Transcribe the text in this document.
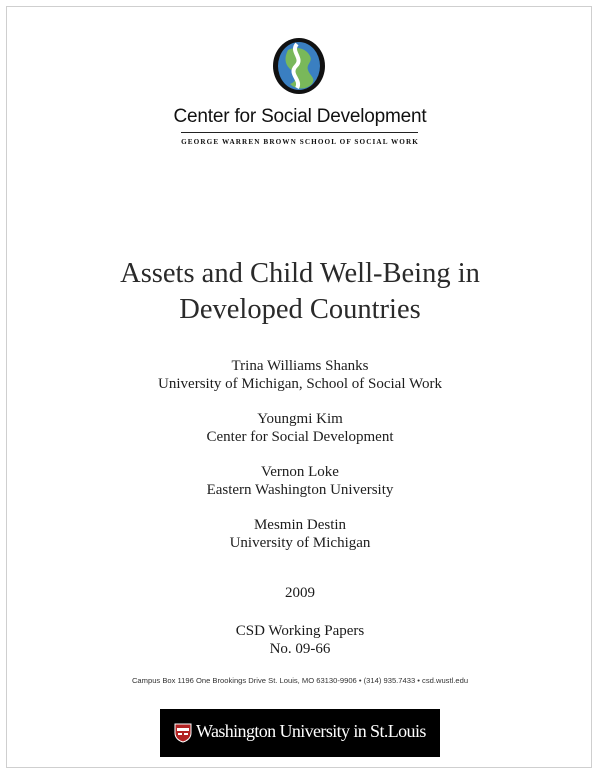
Center for Social Development
GEORGE WARREN BROWN SCHOOL OF SOCIAL WORK
Assets and Child Well-Being in
Developed Countries
Trina Williams Shanks
University of Michigan, School of Social Work
Youngmi Kim
Center for Social Development
Vernon Loke
Eastern Washington University
Mesmin Destin
University of Michigan
2009
CSD Working Papers
No. 09-66
Campus Box 1196 One Brookings Drive St. Louis, MO 63130-9906 • (314) 935.7433 • csd.wustl.edu
Washington University in St.Louis
